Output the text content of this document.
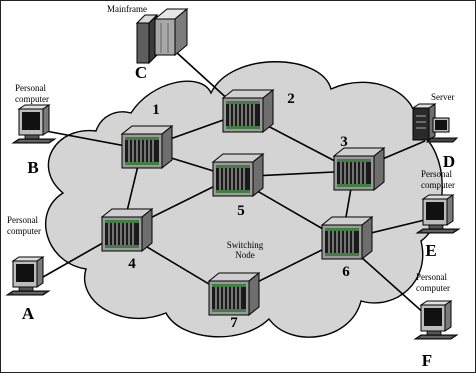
1
2
3
4
5
6
7
A
Personal
computer
B
Personal
computer
C
Mainframe
D
Server
E
Personal
computer
F
Personal
computer
Switching
Node
